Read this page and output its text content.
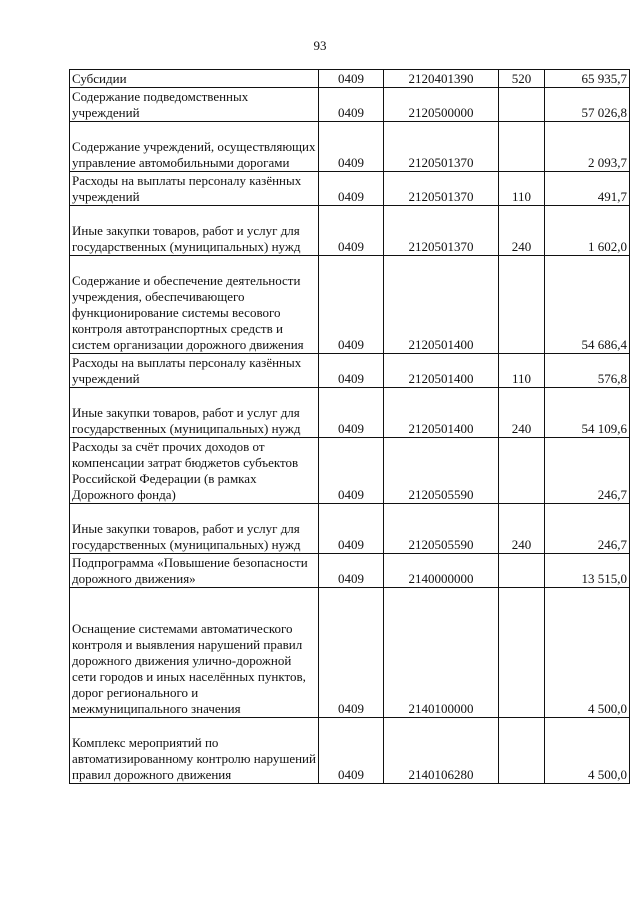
93
Субсидии	0409	2120401390	520	65 935,7
Содержание подведомственных учреждений	0409	2120500000		57 026,8
Содержание учреждений, осуществляющих управление автомобильными дорогами	0409	2120501370		2 093,7
Расходы на выплаты персоналу казённых учреждений	0409	2120501370	110	491,7
Иные закупки товаров, работ и услуг для государственных (муниципальных) нужд	0409	2120501370	240	1 602,0
Содержание и обеспечение деятельности учреждения, обеспечивающего функционирование системы весового контроля автотранспортных средств и систем организации дорожного движения	0409	2120501400		54 686,4
Расходы на выплаты персоналу казённых учреждений	0409	2120501400	110	576,8
Иные закупки товаров, работ и услуг для государственных (муниципальных) нужд	0409	2120501400	240	54 109,6
Расходы за счёт прочих доходов от компенсации затрат бюджетов субъектов Российской Федерации (в рамках Дорожного фонда)	0409	2120505590		246,7
Иные закупки товаров, работ и услуг для государственных (муниципальных) нужд	0409	2120505590	240	246,7
Подпрограмма «Повышение безопасности дорожного движения»	0409	2140000000		13 515,0
Оснащение системами автоматического контроля и выявления нарушений правил дорожного движения улично-дорожной сети городов и иных населённых пунктов, дорог регионального и межмуниципального значения	0409	2140100000		4 500,0
Комплекс мероприятий по автоматизированному контролю нарушений правил дорожного движения	0409	2140106280		4 500,0
